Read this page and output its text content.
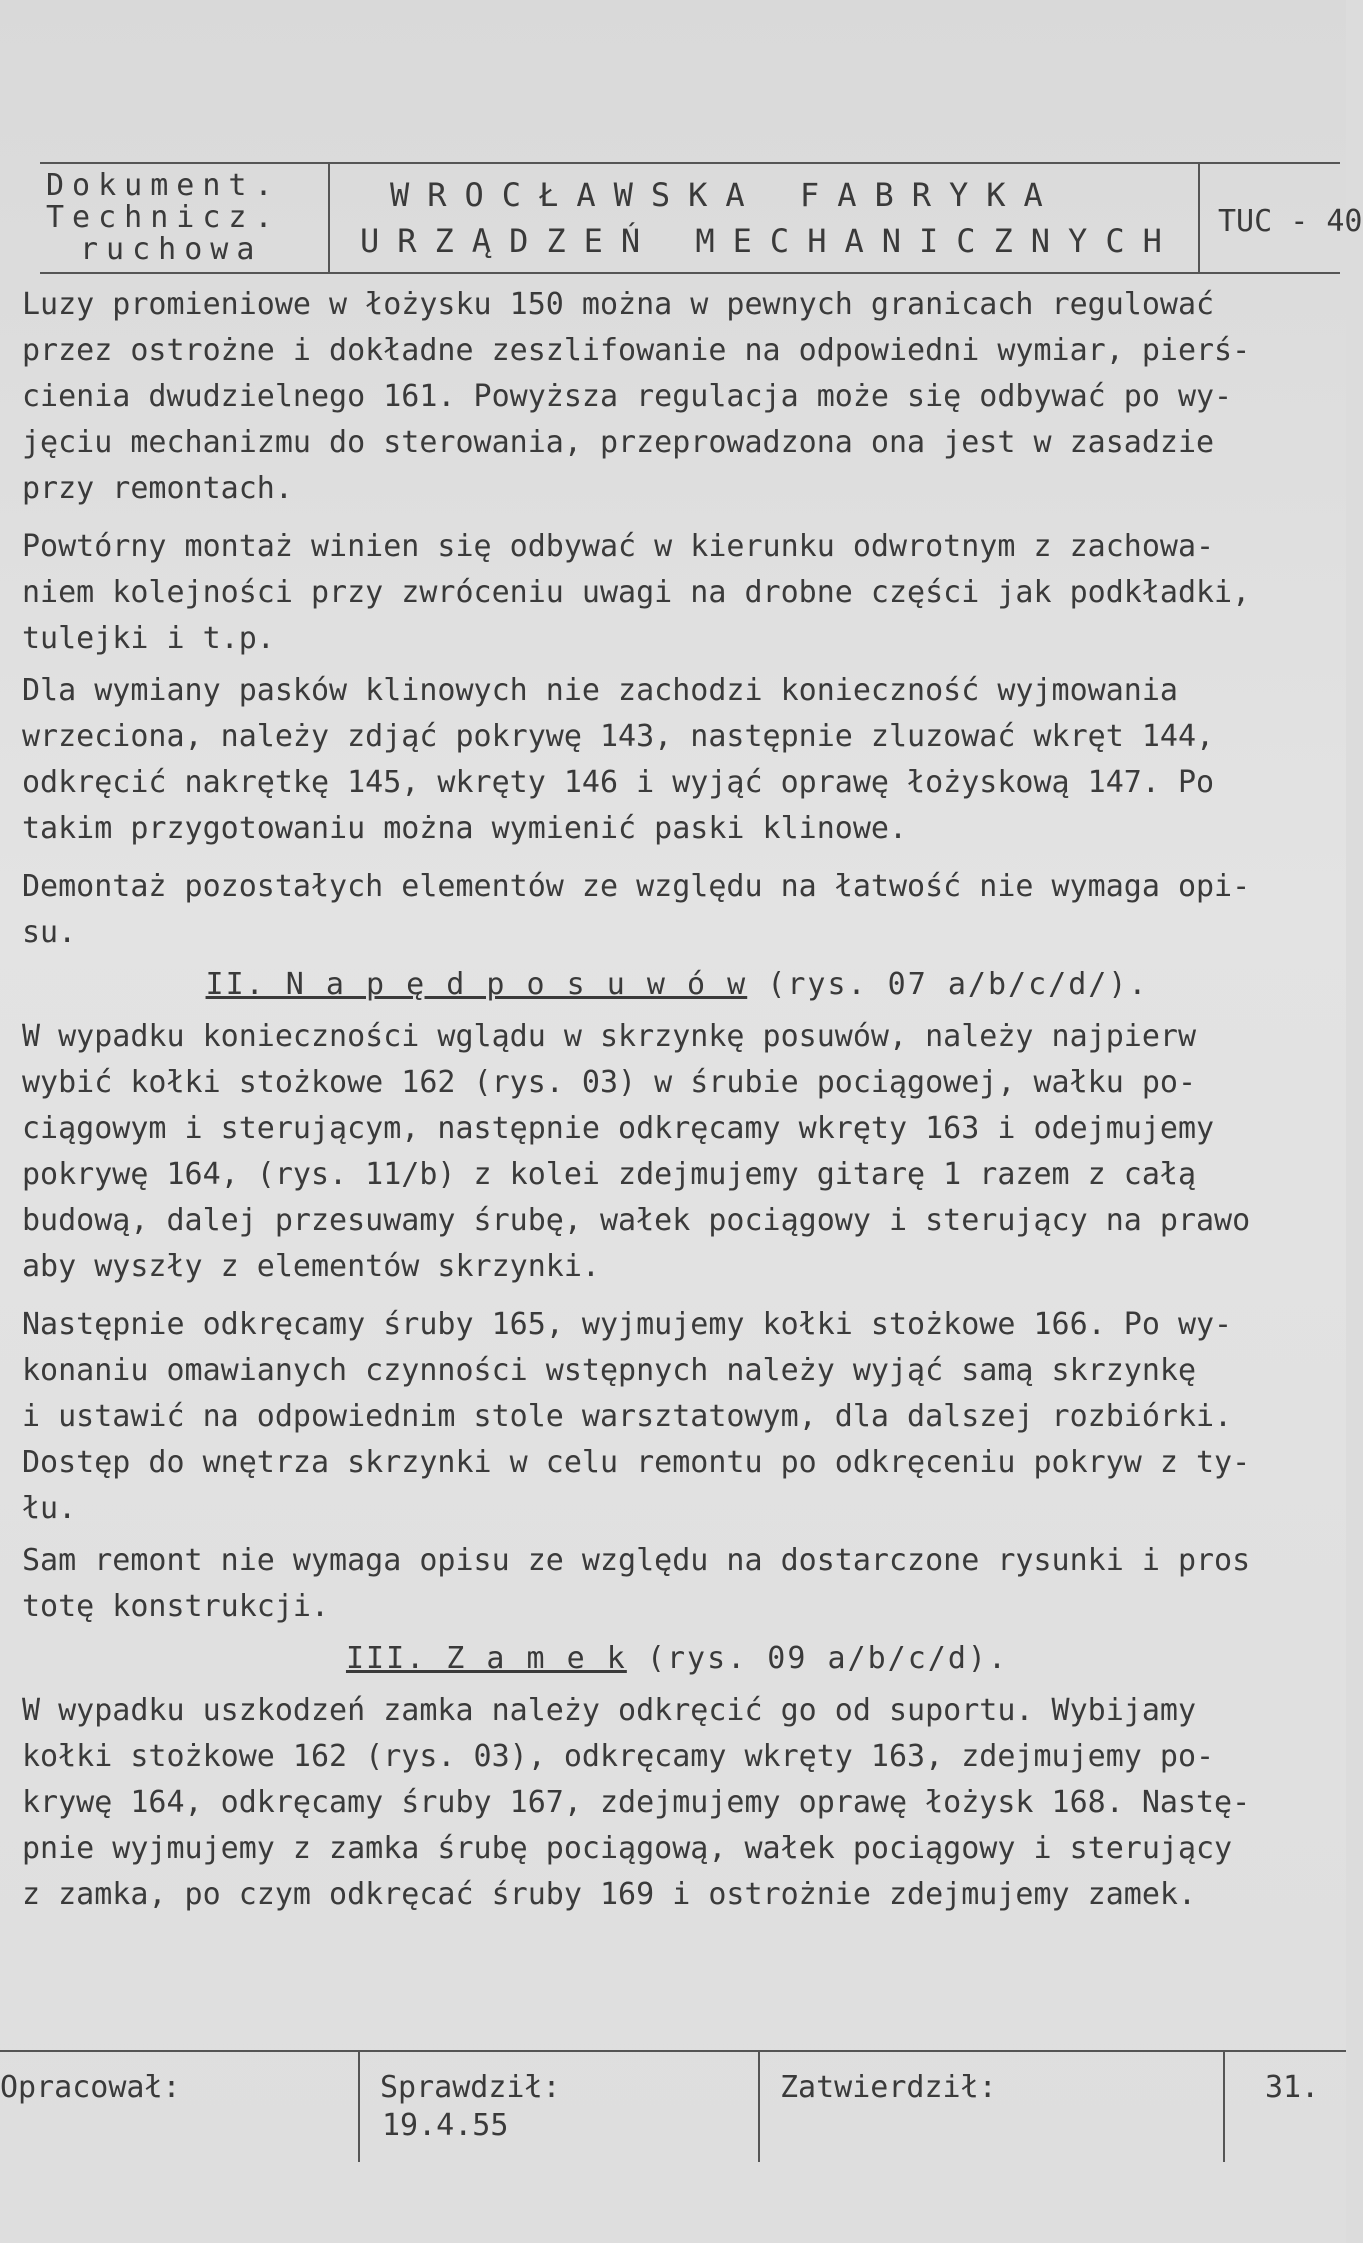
Dokument.
Technicz.
ruchowa
WROCŁAWSKA FABRYKA
URZĄDZEŃ MECHANICZNYCH
TUC - 40

Luzy promieniowe w łożysku 150 można w pewnych granicach regulować
przez ostrożne i dokładne zeszlifowanie na odpowiedni wymiar, pierś-
cienia dwudzielnego 161. Powyższa regulacja może się odbywać po wy-
jęciu mechanizmu do sterowania, przeprowadzona ona jest w zasadzie
przy remontach.

Powtórny montaż winien się odbywać w kierunku odwrotnym z zachowa-
niem kolejności przy zwróceniu uwagi na drobne części jak podkładki,
tulejki i t.p.

Dla wymiany pasków klinowych nie zachodzi konieczność wyjmowania
wrzeciona, należy zdjąć pokrywę 143, następnie zluzować wkręt 144,
odkręcić nakrętkę 145, wkręty 146 i wyjąć oprawę łożyskową 147. Po
takim przygotowaniu można wymienić paski klinowe.

Demontaż pozostałych elementów ze względu na łatwość nie wymaga opi-
su.

II. N a p ę d p o s u w ó w (rys. 07 a/b/c/d/).

W wypadku konieczności wglądu w skrzynkę posuwów, należy najpierw
wybić kołki stożkowe 162 (rys. 03) w śrubie pociągowej, wałku po-
ciągowym i sterującym, następnie odkręcamy wkręty 163 i odejmujemy
pokrywę 164, (rys. 11/b) z kolei zdejmujemy gitarę 1 razem z całą
budową, dalej przesuwamy śrubę, wałek pociągowy i sterujący na prawo
aby wyszły z elementów skrzynki.

Następnie odkręcamy śruby 165, wyjmujemy kołki stożkowe 166. Po wy-
konaniu omawianych czynności wstępnych należy wyjąć samą skrzynkę
i ustawić na odpowiednim stole warsztatowym, dla dalszej rozbiórki.
Dostęp do wnętrza skrzynki w celu remontu po odkręceniu pokryw z ty-
łu.

Sam remont nie wymaga opisu ze względu na dostarczone rysunki i pros
totę konstrukcji.

III. Z a m e k (rys. 09 a/b/c/d).

W wypadku uszkodzeń zamka należy odkręcić go od suportu. Wybijamy
kołki stożkowe 162 (rys. 03), odkręcamy wkręty 163, zdejmujemy po-
krywę 164, odkręcamy śruby 167, zdejmujemy oprawę łożysk 168. Nastę-
pnie wyjmujemy z zamka śrubę pociągową, wałek pociągowy i sterujący
z zamka, po czym odkręcać śruby 169 i ostrożnie zdejmujemy zamek.

Opracował:	Sprawdził:
19.4.55
Zatwierdził:	31.
